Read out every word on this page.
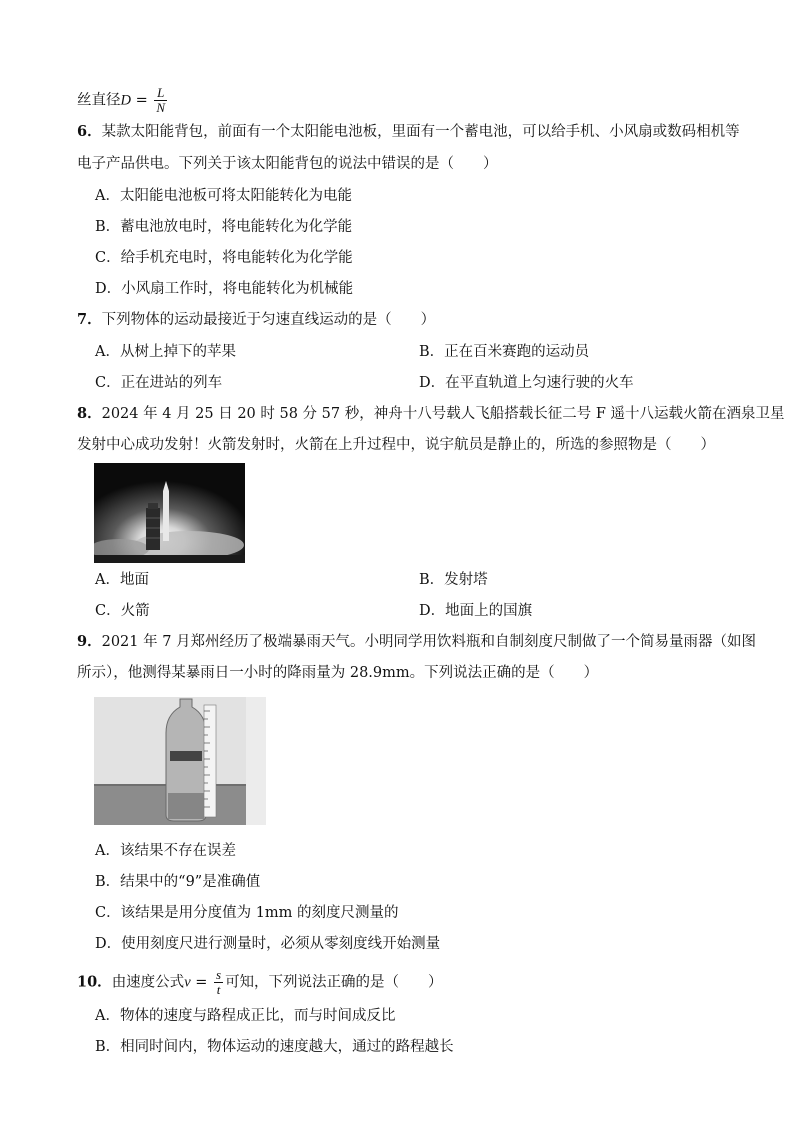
丝直径$D = \frac{L}{N}$
6．某款太阳能背包，前面有一个太阳能电池板，里面有一个蓄电池，可以给手机、小风扇或数码相机等
电子产品供电。下列关于该太阳能背包的说法中错误的是（　　）
A．太阳能电池板可将太阳能转化为电能
B．蓄电池放电时，将电能转化为化学能
C．给手机充电时，将电能转化为化学能
D．小风扇工作时，将电能转化为机械能
7．下列物体的运动最接近于匀速直线运动的是（　　）
A．从树上掉下的苹果	B．正在百米赛跑的运动员
C．正在进站的列车	D．在平直轨道上匀速行驶的火车
8．2024 年 4 月 25 日 20 时 58 分 57 秒，神舟十八号载人飞船搭载长征二号 F 遥十八运载火箭在酒泉卫星
发射中心成功发射！火箭发射时，火箭在上升过程中，说宇航员是静止的，所选的参照物是（　　）
A．地面	B．发射塔
C．火箭	D．地面上的国旗
9．2021 年 7 月郑州经历了极端暴雨天气。小明同学用饮料瓶和自制刻度尺制做了一个简易量雨器（如图
所示），他测得某暴雨日一小时的降雨量为 28.9mm。下列说法正确的是（　　）
A．该结果不存在误差
B．结果中的“9”是准确值
C．该结果是用分度值为 1mm 的刻度尺测量的
D．使用刻度尺进行测量时，必须从零刻度线开始测量
10．由速度公式$v = \frac{s}{t}$ 可知，下列说法正确的是（　　）
A．物体的速度与路程成正比，而与时间成反比
B．相同时间内，物体运动的速度越大，通过的路程越长
